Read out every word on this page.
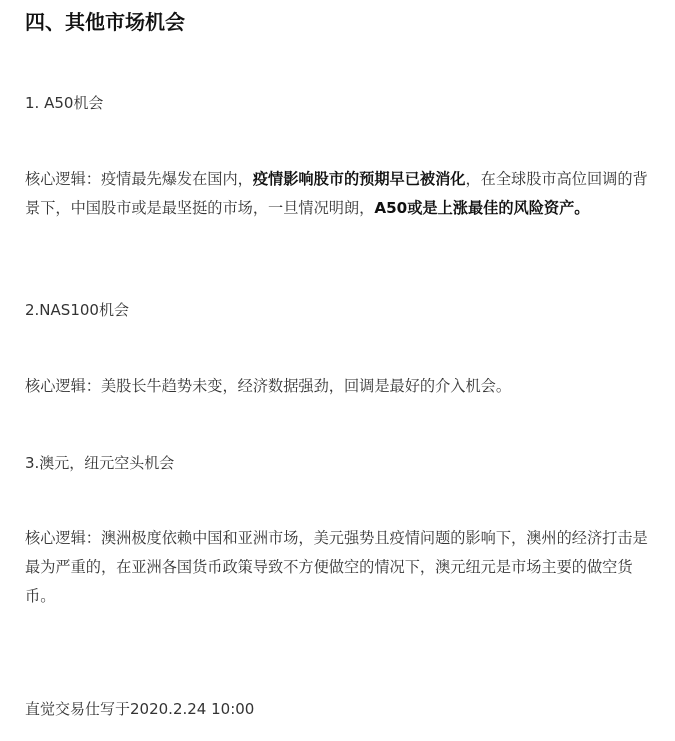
四、其他市场机会
1. A50机会
核心逻辑：疫情最先爆发在国内，疫情影响股市的预期早已被消化，在全球股市高位回调的背景下，中国股市或是最坚挺的市场，一旦情况明朗，A50或是上涨最佳的风险资产。
2.NAS100机会
核心逻辑：美股长牛趋势未变，经济数据强劲，回调是最好的介入机会。
3.澳元，纽元空头机会
核心逻辑：澳洲极度依赖中国和亚洲市场，美元强势且疫情问题的影响下，澳州的经济打击是最为严重的，在亚洲各国货币政策导致不方便做空的情况下，澳元纽元是市场主要的做空货币。
直觉交易仕写于2020.2.24 10:00
